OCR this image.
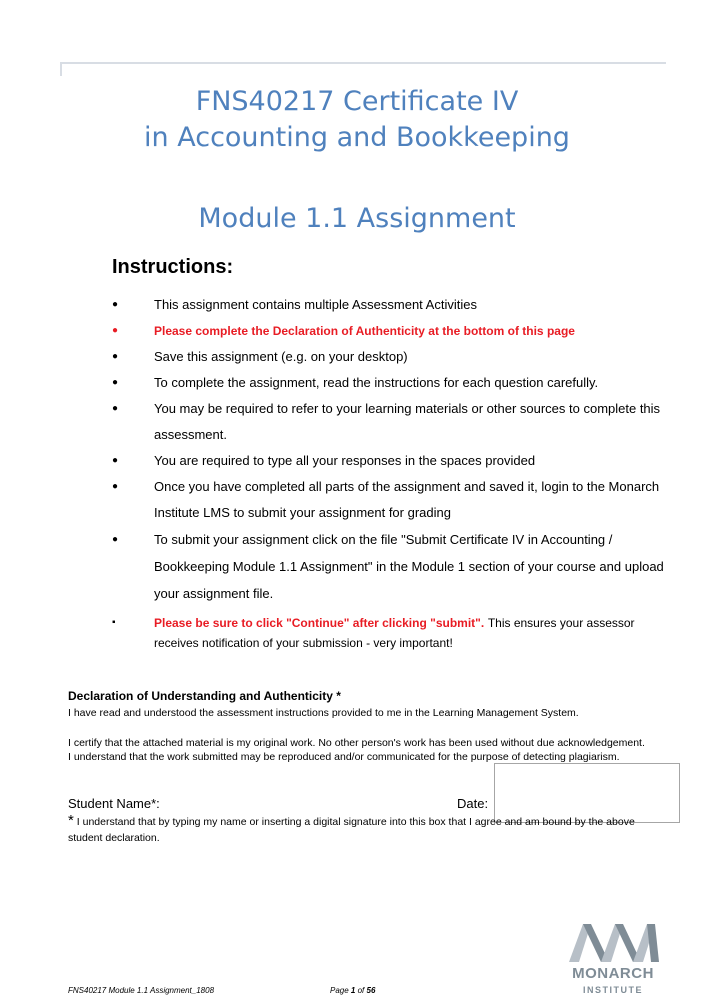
FNS40217 Certificate IV
in Accounting and Bookkeeping
Module 1.1 Assignment
Instructions:
●	This assignment contains multiple Assessment Activities
●	Please complete the Declaration of Authenticity at the bottom of this page
●	Save this assignment (e.g. on your desktop)
●	To complete the assignment, read the instructions for each question carefully.
●	You may be required to refer to your learning materials or other sources to complete this assessment.
●	You are required to type all your responses in the spaces provided
●	Once you have completed all parts of the assignment and saved it, login to the Monarch Institute LMS to submit your assignment for grading
●	To submit your assignment click on the file "Submit Certificate IV in Accounting / Bookkeeping Module 1.1 Assignment" in the Module 1 section of your course and upload your assignment file.
▪	Please be sure to click "Continue" after clicking "submit". This ensures your assessor receives notification of your submission - very important!
Declaration of Understanding and Authenticity *
I have read and understood the assessment instructions provided to me in the Learning Management System.
I certify that the attached material is my original work. No other person's work has been used without due acknowledgement. I understand that the work submitted may be reproduced and/or communicated for the purpose of detecting plagiarism.
Student Name*:	Date:
* I understand that by typing my name or inserting a digital signature into this box that I agree and am bound by the above student declaration.
MONARCH
INSTITUTE
FNS40217 Module 1.1 Assignment_1808	Page 1 of 56
